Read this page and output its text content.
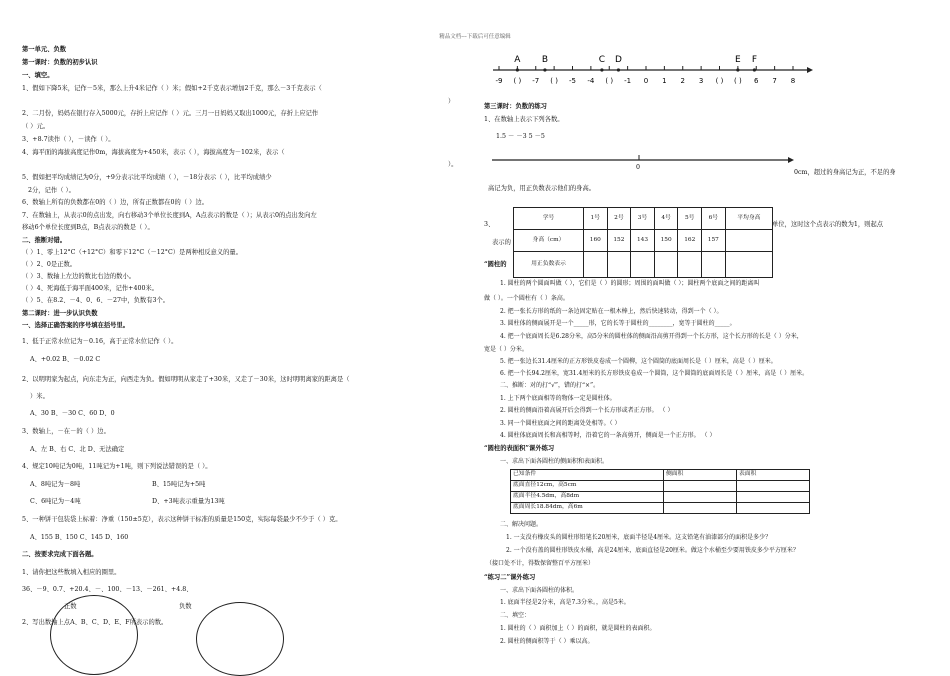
精品文档---下载后可任意编辑
第一单元、负数
第一课时：负数的初步认识
一、填空。
1、假如下降5米，记作－5米，那么上升4米记作（ ）米；假如+2千克表示增加2千克，那么－3千克表示（
）
2、二月份，妈妈在银行存入5000元，存折上应记作（ ）元。三月一日妈妈又取出1000元，存折上应记作
（ ）元。
3、+8.7读作（ ），－读作（ ）。
4、海平面的海拔高度记作0m，海拔高度为+450米，表示（ ），海拔高度为－102米，表示（
）。
5、假如把平均成绩记为0分，+9分表示比平均成绩（ ），－18分表示（ ），比平均成绩少
2分，记作（ ）。
6、数轴上所有的负数都在0的（ ）边，所有正数都在0的（ ）边。
7、在数轴上，从表示0的点出发，向右移动3个单位长度到A，A点表示的数是（ ）；从表示0的点出发向左
移动6个单位长度到B点，B点表示的数是（ ）。
二、推断对错。
（ ）1、零上12°C（+12°C）和零下12°C（－12°C）是两种相反意义的量。
（ ）2、0是正数。
（ ）3、数轴上左边的数比右边的数小。
（ ）4、死海低于海平面400米，记作+400米。
（ ）5、在8.2、－4、0、6、－27中，负数有3个。
第二课时：进一步认识负数
一、选择正确答案的序号填在括号里。
1、低于正常水位记为－0.16，高于正常水位记作（ ）。
A、+0.02 B、－0.02 C
2、以明明家为起点，向东走为正，向西走为负。假如明明从家走了+30米，又走了－30米，这时明明离家的距离是（
）米。
A、30 B、－30 C、60 D、0
3、数轴上，－在－的（ ）边。
A、左 B、右 C、北 D、无法确定
4、规定10吨记为0吨，11吨记为+1吨，则下列说法错误的是（ ）。
A、8吨记为－8吨	B、15吨记为+5吨
C、6吨记为－4吨	D、+3吨表示重量为13吨
5、一种饼干包装袋上标着：净重（150±5克），表示这种饼干标准的质量是150克，实际每袋最少不少于（ ）克。
A、155 B、150 C、145 D、160
二、按要求完成下面各题。
1、请你把这些数填入相应的圈里。
36、－9、0.7、+20.4、－、100、－13、－261、+4.8、
正数	负数
2、写出数轴上点A、B、C、D、E、F所表示的数。
-9 ( ) -7 ( ) -5 -4 ( ) -1 0 1 2 3 ( ) ( ) 6 7 8
A B	C D	E F
第三课时：负数的练习
1、在数轴上表示下列各数。
1.5 － －3 5 －5
0
0cm，超过的身高记为正，不足的身
高记为负，用正负数表示他们的身高。
3、	单位，这时这个点表示的数为1，则起点
表示的
学号	1号	2号	3号	4号	5号	6号	平均身高
身高（cm）	160	152	143	150	162	157	
用正负数表示							
“圆柱的
1. 圆柱的两个圆面叫做（ ），它们是（ ）的圆形；周围的面叫做（ ）；圆柱两个底面之间的距离叫
做（ ）。一个圆柱有（ ）条高。
2. 把一张长方形的纸的一条边固定贴在一根木棒上，然后快速转动，得到一个（ ）。
3. 圆柱体的侧面展开是一个_____形，它的长等于圆柱的________，宽等于圆柱的_____。
4. 把一个底面周长是6.28分米，高5分米的圆柱体的侧面沿高剪开得到一个长方形，这个长方形的长是（ ）分米，
宽是（ ）分米。
5. 把一张边长31.4厘米的正方形铁皮卷成一个圆柳，这个圆筒的底面周长是（ ）厘米，高是（ ）厘米。
6. 把一个长94.2厘米，宽31.4厘米的长方形铁皮卷成一个圆筒，这个圆筒的底面周长是（ ）厘米，高是（ ）厘米。
二、推断：对的打“√”，错的打“×”。
1. 上下两个底面相等的物体一定是圆柱体。
2. 圆柱的侧面沿着高展开后会得到一个长方形或者正方形。 （ ）
3. 同一个圆柱底面之间的距离处处相等。（ ）
4. 圆柱体底面周长和高相等时，沿着它的一条高剪开，侧面是一个正方形。 （ ）
“圆柱的表面积”课外练习
一、求出下面各圆柱的侧面积和表面积。
已知条件	侧面积	表面积
底面直径12cm，高5cm		
底面半径4.5dm，高8dm		
底面周长18.84dm，高6m		
二、解决问题。
1. 一支没有橡皮头的圆柱形铅笔长20厘米，底面半径是4厘米。这支铅笔有油漆部分的面积是多少？
2. 一个没有盖的圆柱形铁皮水桶，高是24厘米，底面直径是20厘米。做这个水桶至少要用铁皮多少平方厘米？
（接口处不计，得数保留整百平方厘米）
“练习二”课外练习
一、求出下面各圆柱的体积。
1. 底面半径是2分米，高是7.3分米。，高是5米。
二、填空：
1. 圆柱的（ ）面积加上（ ）的面积，就是圆柱的表面积。
2. 圆柱的侧面积等于（ ）乘以高。
